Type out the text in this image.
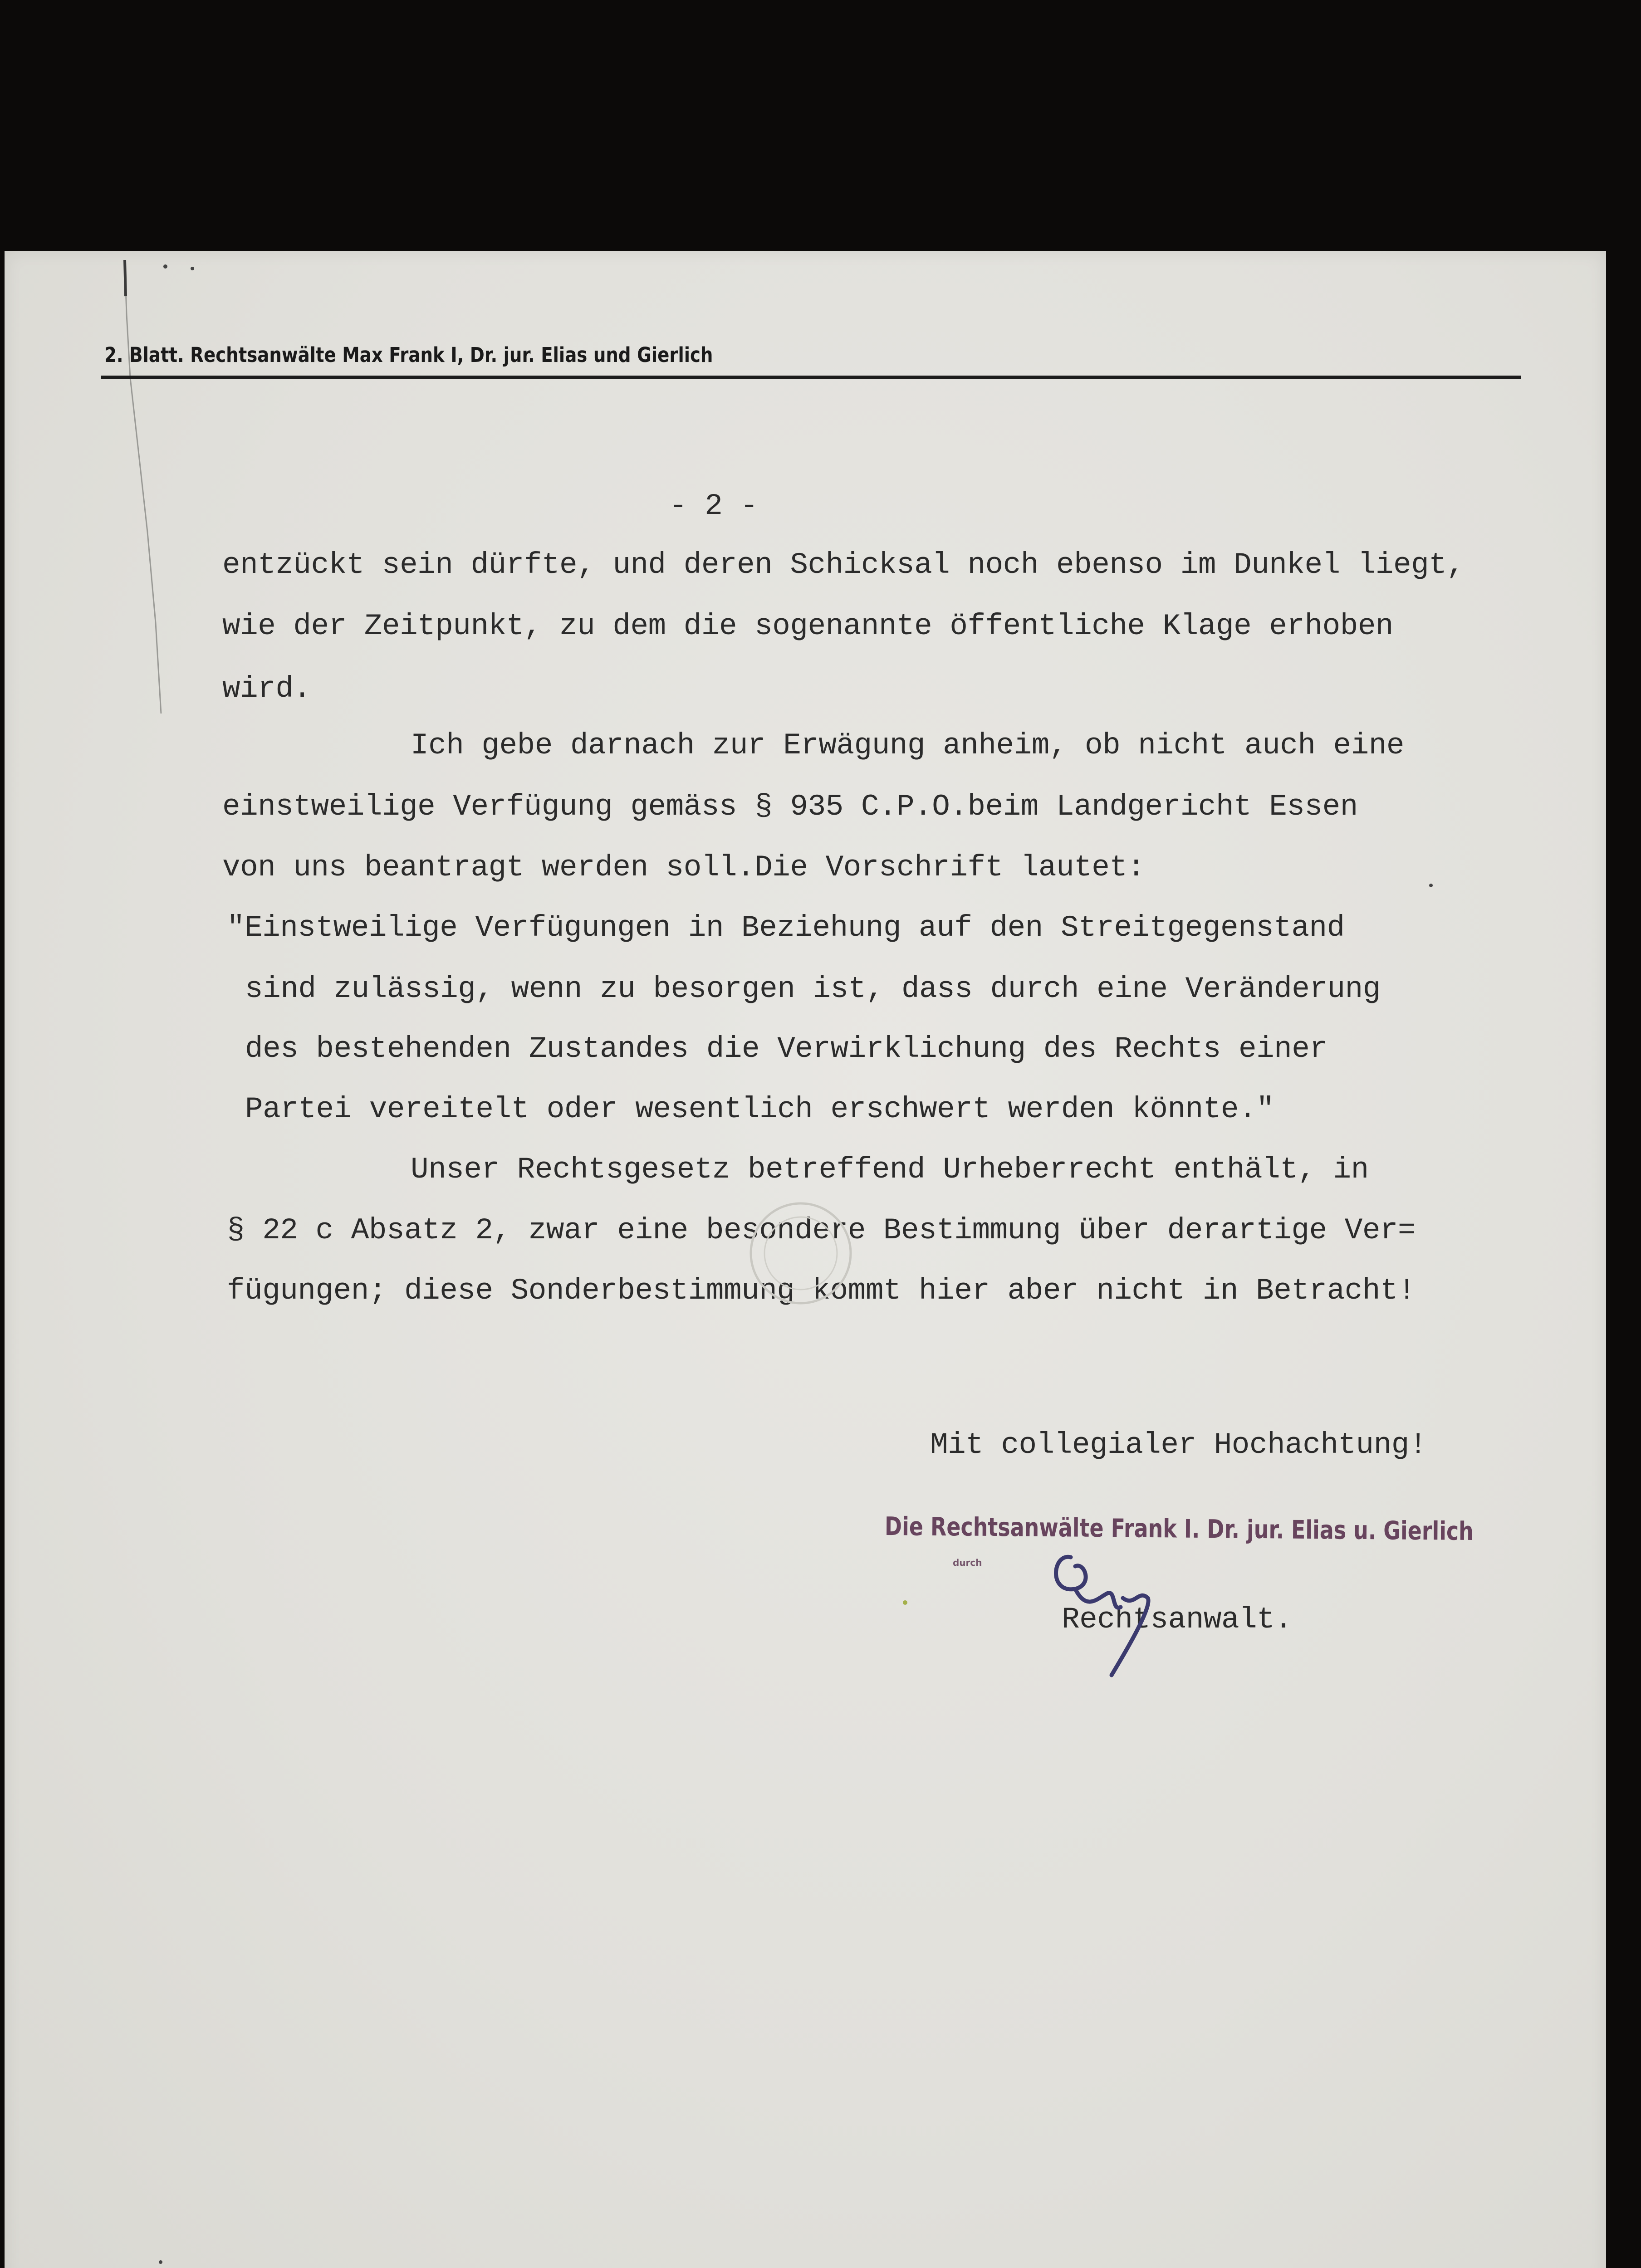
2. Blatt. Rechtsanwälte Max Frank I, Dr. jur. Elias und Gierlich
- 2 -
entzückt sein dürfte, und deren Schicksal noch ebenso im Dunkel liegt,
wie der Zeitpunkt, zu dem die sogenannte öffentliche Klage erhoben
wird.
Ich gebe darnach zur Erwägung anheim, ob nicht auch eine
einstweilige Verfügung gemäss § 935 C.P.O.beim Landgericht Essen
von uns beantragt werden soll.Die Vorschrift lautet:
"Einstweilige Verfügungen in Beziehung auf den Streitgegenstand
sind zulässig, wenn zu besorgen ist, dass durch eine Veränderung
des bestehenden Zustandes die Verwirklichung des Rechts einer
Partei vereitelt oder wesentlich erschwert werden könnte."
Unser Rechtsgesetz betreffend Urheberrecht enthält, in
§ 22 c Absatz 2, zwar eine besondere Bestimmung über derartige Ver=
fügungen; diese Sonderbestimmung kommt hier aber nicht in Betracht!
Mit collegialer Hochachtung!
Die Rechtsanwälte Frank I. Dr. jur. Elias u. Gierlich
durch
Rechtsanwalt.
